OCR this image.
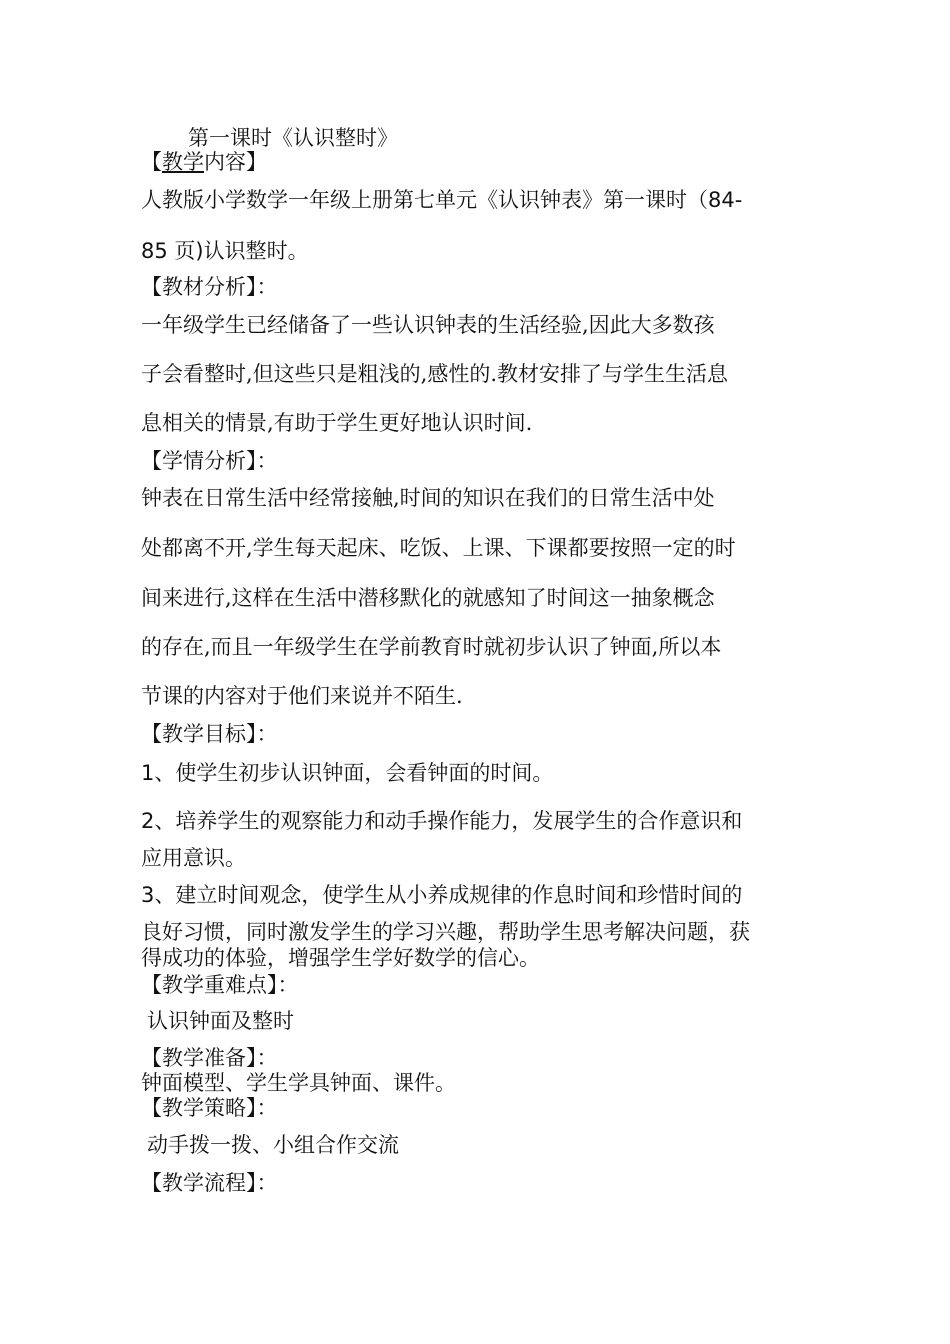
第一课时《认识整时》
【教学内容】
人教版小学数学一年级上册第七单元《认识钟表》第一课时（84-
85 页)认识整时。
【教材分析】：
一年级学生已经储备了一些认识钟表的生活经验,因此大多数孩
子会看整时,但这些只是粗浅的,感性的.教材安排了与学生生活息
息相关的情景,有助于学生更好地认识时间.
【学情分析】：
钟表在日常生活中经常接触,时间的知识在我们的日常生活中处
处都离不开,学生每天起床、吃饭、上课、下课都要按照一定的时
间来进行,这样在生活中潜移默化的就感知了时间这一抽象概念
的存在,而且一年级学生在学前教育时就初步认识了钟面,所以本
节课的内容对于他们来说并不陌生.
【教学目标】：
1、使学生初步认识钟面，会看钟面的时间。
2、培养学生的观察能力和动手操作能力，发展学生的合作意识和
应用意识。
3、建立时间观念，使学生从小养成规律的作息时间和珍惜时间的
良好习惯，同时激发学生的学习兴趣，帮助学生思考解决问题，获
得成功的体验，增强学生学好数学的信心。
【教学重难点】：
认识钟面及整时
【教学准备】：
钟面模型、学生学具钟面、课件。
【教学策略】：
动手拨一拨、小组合作交流
【教学流程】：
